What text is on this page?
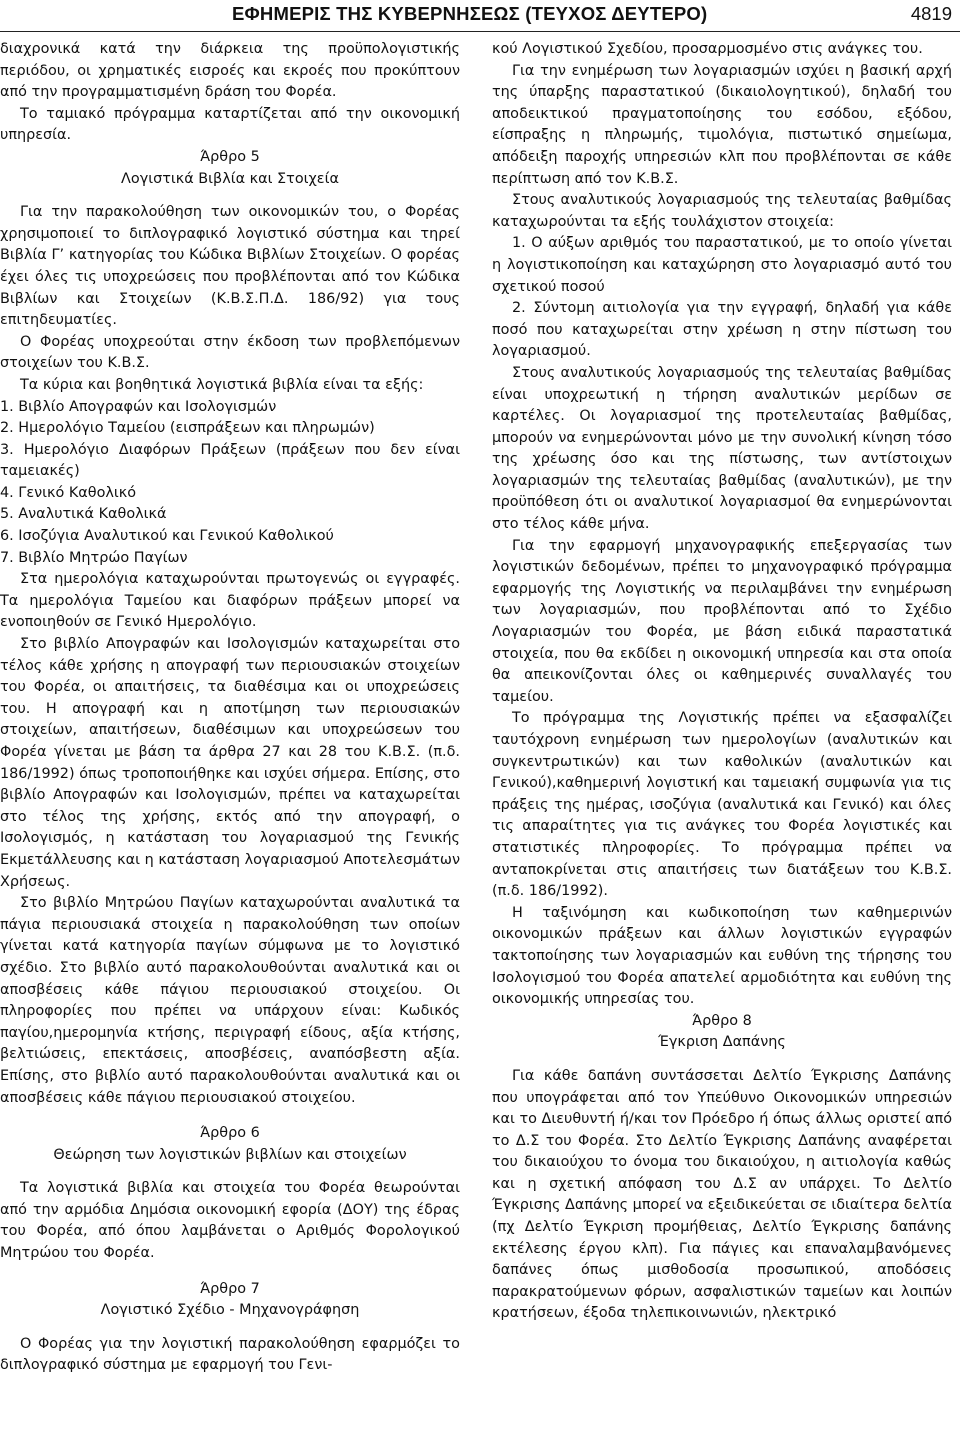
ΕΦΗΜΕΡΙΣ ΤΗΣ ΚΥΒΕΡΝΗΣΕΩΣ (ΤΕΥΧΟΣ ΔΕΥΤΕΡΟ)	4819

διαχρονικά κατά την διάρκεια της προϋπολογιστικής περιόδου, οι χρηματικές εισροές και εκροές που προκύπτουν από την προγραμματισμένη δράση του Φορέα.

Το ταμιακό πρόγραμμα καταρτίζεται από την οικονομική υπηρεσία.

Άρθρο 5

Λογιστικά Βιβλία και Στοιχεία

Για την παρακολούθηση των οικονομικών του, ο Φορέας χρησιμοποιεί το διπλογραφικό λογιστικό σύστημα και τηρεί Βιβλία Γ’ κατηγορίας του Κώδικα Βιβλίων Στοιχείων. Ο φορέας έχει όλες τις υποχρεώσεις που προβλέπονται από τον Κώδικα Βιβλίων και Στοιχείων (Κ.Β.Σ.Π.Δ. 186/92) για τους επιτηδευματίες.

Ο Φορέας υποχρεούται στην έκδοση των προβλεπόμενων στοιχείων του Κ.Β.Σ.

Τα κύρια και βοηθητικά λογιστικά βιβλία είναι τα εξής:

1. Βιβλίο Απογραφών και Ισολογισμών

2. Ημερολόγιο Ταμείου (εισπράξεων και πληρωμών)

3. Ημερολόγιο Διαφόρων Πράξεων (πράξεων που δεν είναι ταμειακές)

4. Γενικό Καθολικό

5. Αναλυτικά Καθολικά

6. Ισοζύγια Αναλυτικού και Γενικού Καθολικού

7. Βιβλίο Μητρώο Παγίων

Στα ημερολόγια καταχωρούνται πρωτογενώς οι εγγραφές. Τα ημερολόγια Ταμείου και διαφόρων πράξεων μπορεί να ενοποιηθούν σε Γενικό Ημερολόγιο.

Στο βιβλίο Απογραφών και Ισολογισμών καταχωρείται στο τέλος κάθε χρήσης η απογραφή των περιουσιακών στοιχείων του Φορέα, οι απαιτήσεις, τα διαθέσιμα και οι υποχρεώσεις του. Η απογραφή και η αποτίμηση των περιουσιακών στοιχείων, απαιτήσεων, διαθέσιμων και υποχρεώσεων του Φορέα γίνεται με βάση τα άρθρα 27 και 28 του Κ.Β.Σ. (π.δ. 186/1992) όπως τροποποιήθηκε και ισχύει σήμερα. Επίσης, στο βιβλίο Απογραφών και Ισολογισμών, πρέπει να καταχωρείται στο τέλος της χρήσης, εκτός από την απογραφή, ο Ισολογισμός, η κατάσταση του λογαριασμού της Γενικής Εκμετάλλευσης και η κατάσταση λογαριασμού Αποτελεσμάτων Χρήσεως.

Στο βιβλίο Μητρώου Παγίων καταχωρούνται αναλυτικά τα πάγια περιουσιακά στοιχεία η παρακολούθηση των οποίων γίνεται κατά κατηγορία παγίων σύμφωνα με το λογιστικό σχέδιο. Στο βιβλίο αυτό παρακολουθούνται αναλυτικά και οι αποσβέσεις κάθε πάγιου περιουσιακού στοιχείου. Οι πληροφορίες που πρέπει να υπάρχουν είναι: Κωδικός παγίου,ημερομηνία κτήσης, περιγραφή είδους, αξία κτήσης, βελτιώσεις, επεκτάσεις, αποσβέσεις, αναπόσβεστη αξία. Επίσης, στο βιβλίο αυτό παρακολουθούνται αναλυτικά και οι αποσβέσεις κάθε πάγιου περιουσιακού στοιχείου.

Άρθρο 6

Θεώρηση των λογιστικών βιβλίων και στοιχείων

Τα λογιστικά βιβλία και στοιχεία του Φορέα θεωρούνται από την αρμόδια Δημόσια οικονομική εφορία (ΔΟΥ) της έδρας του Φορέα, από όπου λαμβάνεται ο Αριθμός Φορολογικού Μητρώου του Φορέα.

Άρθρο 7

Λογιστικό Σχέδιο - Μηχανογράφηση

Ο Φορέας για την λογιστική παρακολούθηση εφαρμόζει το διπλογραφικό σύστημα με εφαρμογή του Γενι-

κού Λογιστικού Σχεδίου, προσαρμοσμένο στις ανάγκες του.

Για την ενημέρωση των λογαριασμών ισχύει η βασική αρχή της ύπαρξης παραστατικού (δικαιολογητικού), δηλαδή του αποδεικτικού πραγματοποίησης του εσόδου, εξόδου, είσπραξης η πληρωμής, τιμολόγια, πιστωτικό σημείωμα, απόδειξη παροχής υπηρεσιών κλπ που προβλέπονται σε κάθε περίπτωση από τον Κ.Β.Σ.

Στους αναλυτικούς λογαριασμούς της τελευταίας βαθμίδας καταχωρούνται τα εξής τουλάχιστον στοιχεία:

1. Ο αύξων αριθμός του παραστατικού, με το οποίο γίνεται η λογιστικοποίηση και καταχώρηση στο λογαριασμό αυτό του σχετικού ποσού

2. Σύντομη αιτιολογία για την εγγραφή, δηλαδή για κάθε ποσό που καταχωρείται στην χρέωση η στην πίστωση του λογαριασμού.

Στους αναλυτικούς λογαριασμούς της τελευταίας βαθμίδας είναι υποχρεωτική η τήρηση αναλυτικών μερίδων σε καρτέλες. Οι λογαριασμοί της προτελευταίας βαθμίδας, μπορούν να ενημερώνονται μόνο με την συνολική κίνηση τόσο της χρέωσης όσο και της πίστωσης, των αντίστοιχων λογαριασμών της τελευταίας βαθμίδας (αναλυτικών), με την προϋπόθεση ότι οι αναλυτικοί λογαριασμοί θα ενημερώνονται στο τέλος κάθε μήνα.

Για την εφαρμογή μηχανογραφικής επεξεργασίας των λογιστικών δεδομένων, πρέπει το μηχανογραφικό πρόγραμμα εφαρμογής της Λογιστικής να περιλαμβάνει την ενημέρωση των λογαριασμών, που προβλέπονται από το Σχέδιο Λογαριασμών του Φορέα, με βάση ειδικά παραστατικά στοιχεία, που θα εκδίδει η οικονομική υπηρεσία και στα οποία θα απεικονίζονται όλες οι καθημερινές συναλλαγές του ταμείου.

Το πρόγραμμα της Λογιστικής πρέπει να εξασφαλίζει ταυτόχρονη ενημέρωση των ημερολογίων (αναλυτικών και συγκεντρωτικών) και των καθολικών (αναλυτικών και Γενικού),καθημερινή λογιστική και ταμειακή συμφωνία για τις πράξεις της ημέρας, ισοζύγια (αναλυτικά και Γενικό) και όλες τις απαραίτητες για τις ανάγκες του Φορέα λογιστικές και στατιστικές πληροφορίες. Το πρόγραμμα πρέπει να ανταποκρίνεται στις απαιτήσεις των διατάξεων του Κ.Β.Σ. (π.δ. 186/1992).

Η ταξινόμηση και κωδικοποίηση των καθημερινών οικονομικών πράξεων και άλλων λογιστικών εγγραφών τακτοποίησης των λογαριασμών και ευθύνη της τήρησης του Ισολογισμού του Φορέα απατελεί αρμοδιότητα και ευθύνη της οικονομικής υπηρεσίας του.

Άρθρο 8

Έγκριση Δαπάνης

Για κάθε δαπάνη συντάσσεται Δελτίο Έγκρισης Δαπάνης που υπογράφεται από τον Υπεύθυνο Οικονομικών υπηρεσιών και το Διευθυντή ή/και τον Πρόεδρο ή όπως άλλως οριστεί από το Δ.Σ του Φορέα. Στο Δελτίο Έγκρισης Δαπάνης αναφέρεται του δικαιούχου το όνομα του δικαιούχου, η αιτιολογία καθώς και η σχετική απόφαση του Δ.Σ αν υπάρχει. Το Δελτίο Έγκρισης Δαπάνης μπορεί να εξειδικεύεται σε ιδιαίτερα δελτία (πχ Δελτίο Έγκριση προμήθειας, Δελτίο Έγκρισης δαπάνης εκτέλεσης έργου κλπ). Για πάγιες και επαναλαμβανόμενες δαπάνες όπως μισθοδοσία προσωπικού, αποδόσεις παρακρατούμενων φόρων, ασφαλιστικών ταμείων και λοιπών κρατήσεων, έξοδα τηλεπικοινωνιών, ηλεκτρικό
